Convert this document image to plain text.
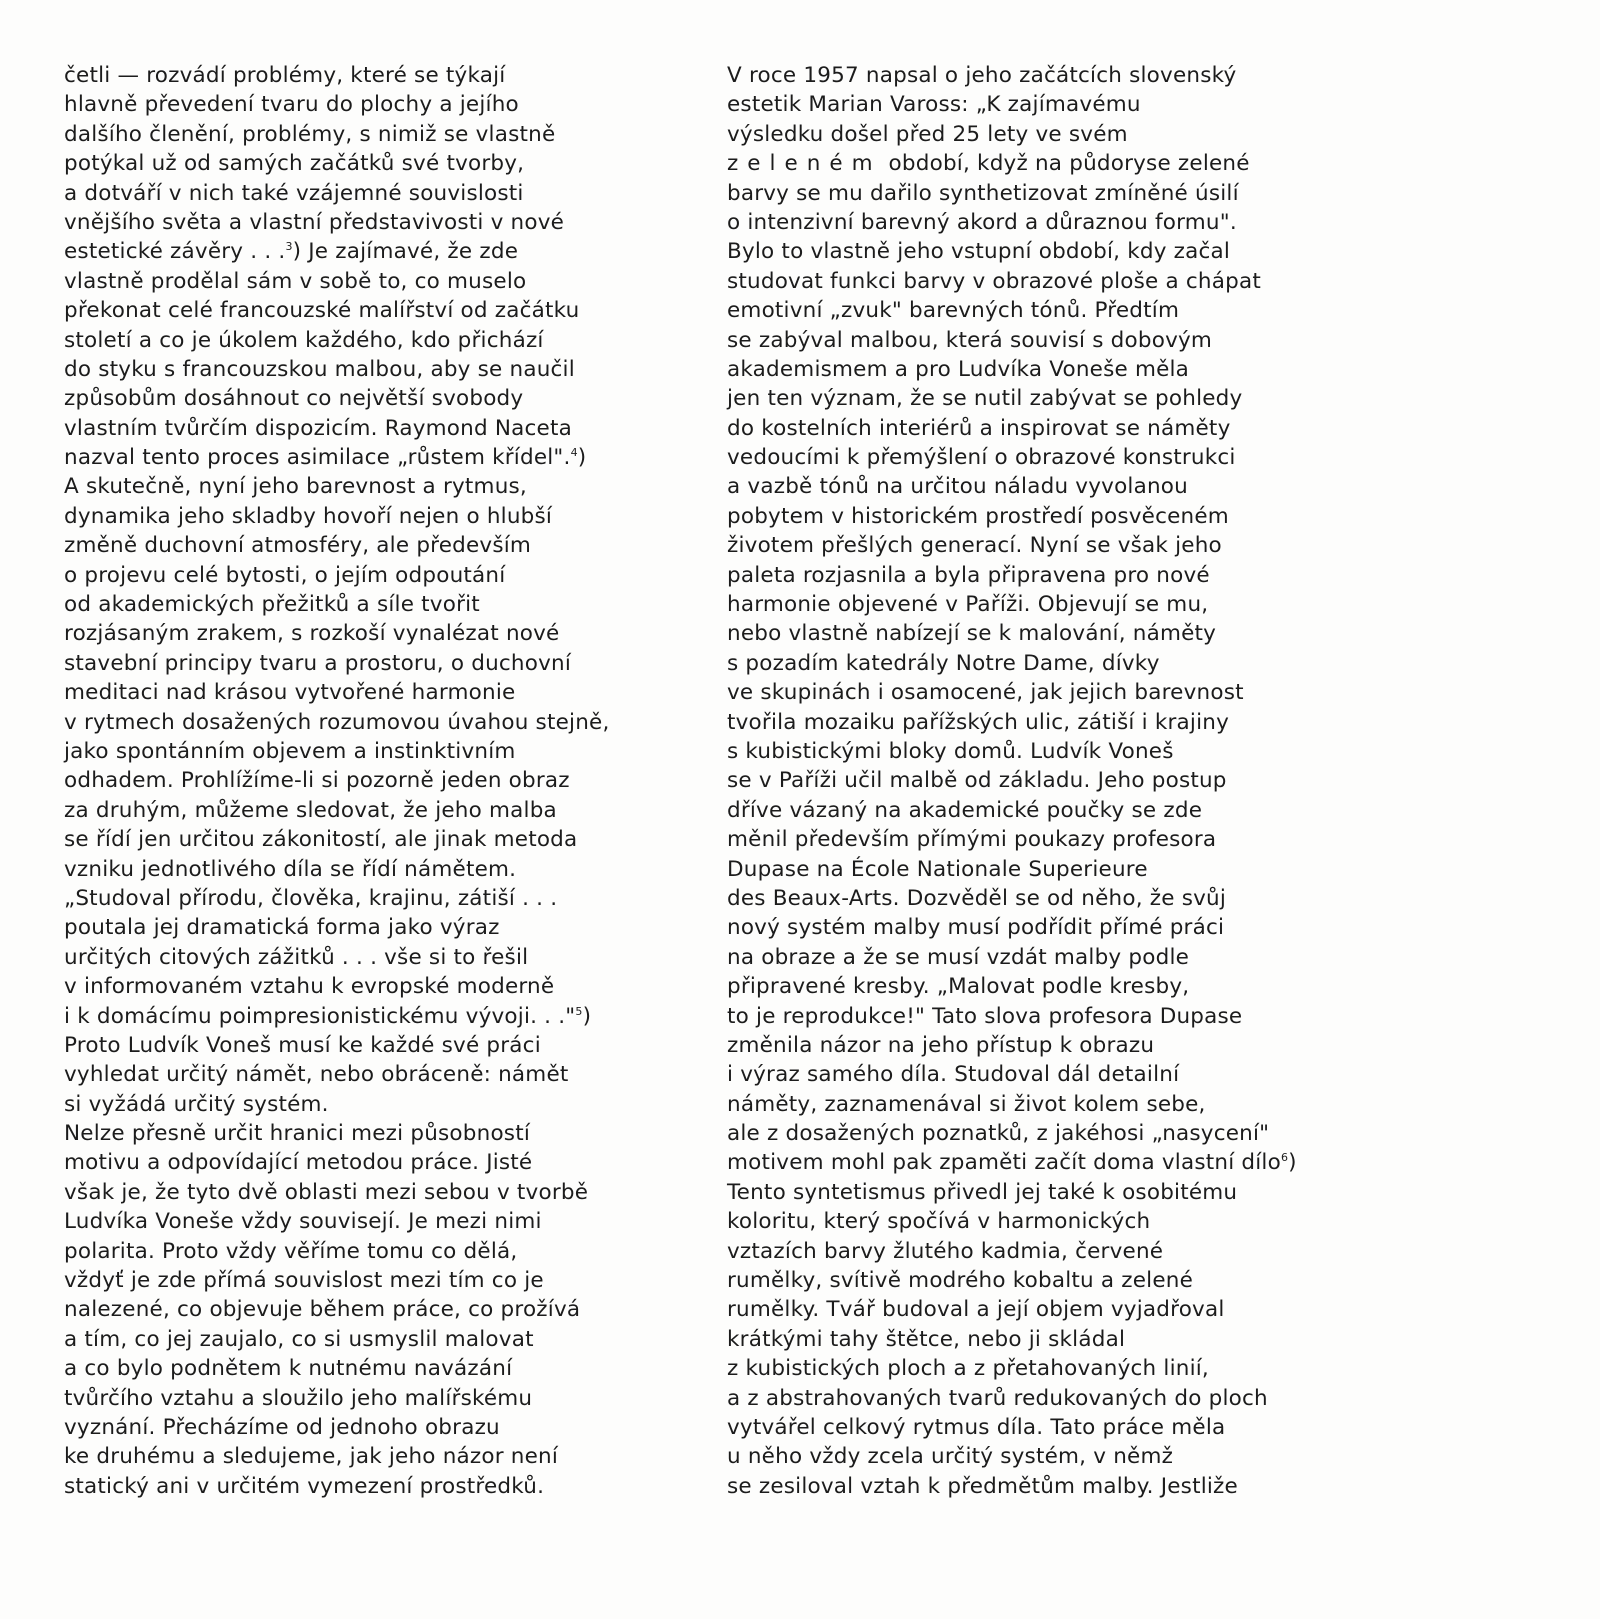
četli — rozvádí problémy, které se týkají
hlavně převedení tvaru do plochy a jejího
dalšího členění, problémy, s nimiž se vlastně
potýkal už od samých začátků své tvorby,
a dotváří v nich také vzájemné souvislosti
vnějšího světa a vlastní představivosti v nové
estetické závěry . . .$^3$) Je zajímavé, že zde
vlastně prodělal sám v sobě to, co muselo
překonat celé francouzské malířství od začátku
století a co je úkolem každého, kdo přichází
do styku s francouzskou malbou, aby se naučil
způsobům dosáhnout co největší svobody
vlastním tvůrčím dispozicím. Raymond Naceta
nazval tento proces asimilace „růstem křídel".$^4$)
A skutečně, nyní jeho barevnost a rytmus,
dynamika jeho skladby hovoří nejen o hlubší
změně duchovní atmosféry, ale především
o projevu celé bytosti, o jejím odpoutání
od akademických přežitků a síle tvořit
rozjásaným zrakem, s rozkoší vynalézat nové
stavební principy tvaru a prostoru, o duchovní
meditaci nad krásou vytvořené harmonie
v rytmech dosažených rozumovou úvahou stejně,
jako spontánním objevem a instinktivním
odhadem. Prohlížíme-li si pozorně jeden obraz
za druhým, můžeme sledovat, že jeho malba
se řídí jen určitou zákonitostí, ale jinak metoda
vzniku jednotlivého díla se řídí námětem.
„Studoval přírodu, člověka, krajinu, zátiší . . .
poutala jej dramatická forma jako výraz
určitých citových zážitků . . . vše si to řešil
v informovaném vztahu k evropské moderně
i k domácímu poimpresionistickému vývoji. . ."$^5$)
Proto Ludvík Voneš musí ke každé své práci
vyhledat určitý námět, nebo obráceně: námět
si vyžádá určitý systém.
Nelze přesně určit hranici mezi působností
motivu a odpovídající metodou práce. Jisté
však je, že tyto dvě oblasti mezi sebou v tvorbě
Ludvíka Voneše vždy souvisejí. Je mezi nimi
polarita. Proto vždy věříme tomu co dělá,
vždyť je zde přímá souvislost mezi tím co je
nalezené, co objevuje během práce, co prožívá
a tím, co jej zaujalo, co si usmyslil malovat
a co bylo podnětem k nutnému navázání
tvůrčího vztahu a sloužilo jeho malířskému
vyznání. Přecházíme od jednoho obrazu
ke druhému a sledujeme, jak jeho názor není
statický ani v určitém vymezení prostředků.
V roce 1957 napsal o jeho začátcích slovenský
estetik Marian Vaross: „K zajímavému
výsledku došel před 25 lety ve svém
zeleném období, když na půdoryse zelené
barvy se mu dařilo synthetizovat zmíněné úsilí
o intenzivní barevný akord a důraznou formu".
Bylo to vlastně jeho vstupní období, kdy začal
studovat funkci barvy v obrazové ploše a chápat
emotivní „zvuk" barevných tónů. Předtím
se zabýval malbou, která souvisí s dobovým
akademismem a pro Ludvíka Voneše měla
jen ten význam, že se nutil zabývat se pohledy
do kostelních interiérů a inspirovat se náměty
vedoucími k přemýšlení o obrazové konstrukci
a vazbě tónů na určitou náladu vyvolanou
pobytem v historickém prostředí posvěceném
životem přešlých generací. Nyní se však jeho
paleta rozjasnila a byla připravena pro nové
harmonie objevené v Paříži. Objevují se mu,
nebo vlastně nabízejí se k malování, náměty
s pozadím katedrály Notre Dame, dívky
ve skupinách i osamocené, jak jejich barevnost
tvořila mozaiku pařížských ulic, zátiší i krajiny
s kubistickými bloky domů. Ludvík Voneš
se v Paříži učil malbě od základu. Jeho postup
dříve vázaný na akademické poučky se zde
měnil především přímými poukazy profesora
Dupase na École Nationale Superieure
des Beaux-Arts. Dozvěděl se od něho, že svůj
nový systém malby musí podřídit přímé práci
na obraze a že se musí vzdát malby podle
připravené kresby. „Malovat podle kresby,
to je reprodukce!" Tato slova profesora Dupase
změnila názor na jeho přístup k obrazu
i výraz samého díla. Studoval dál detailní
náměty, zaznamenával si život kolem sebe,
ale z dosažených poznatků, z jakéhosi „nasycení"
motivem mohl pak zpaměti začít doma vlastní dílo$^6$)
Tento syntetismus přivedl jej také k osobitému
koloritu, který spočívá v harmonických
vztazích barvy žlutého kadmia, červené
rumělky, svítivě modrého kobaltu a zelené
rumělky. Tvář budoval a její objem vyjadřoval
krátkými tahy štětce, nebo ji skládal
z kubistických ploch a z přetahovaných linií,
a z abstrahovaných tvarů redukovaných do ploch
vytvářel celkový rytmus díla. Tato práce měla
u něho vždy zcela určitý systém, v němž
se zesiloval vztah k předmětům malby. Jestliže
